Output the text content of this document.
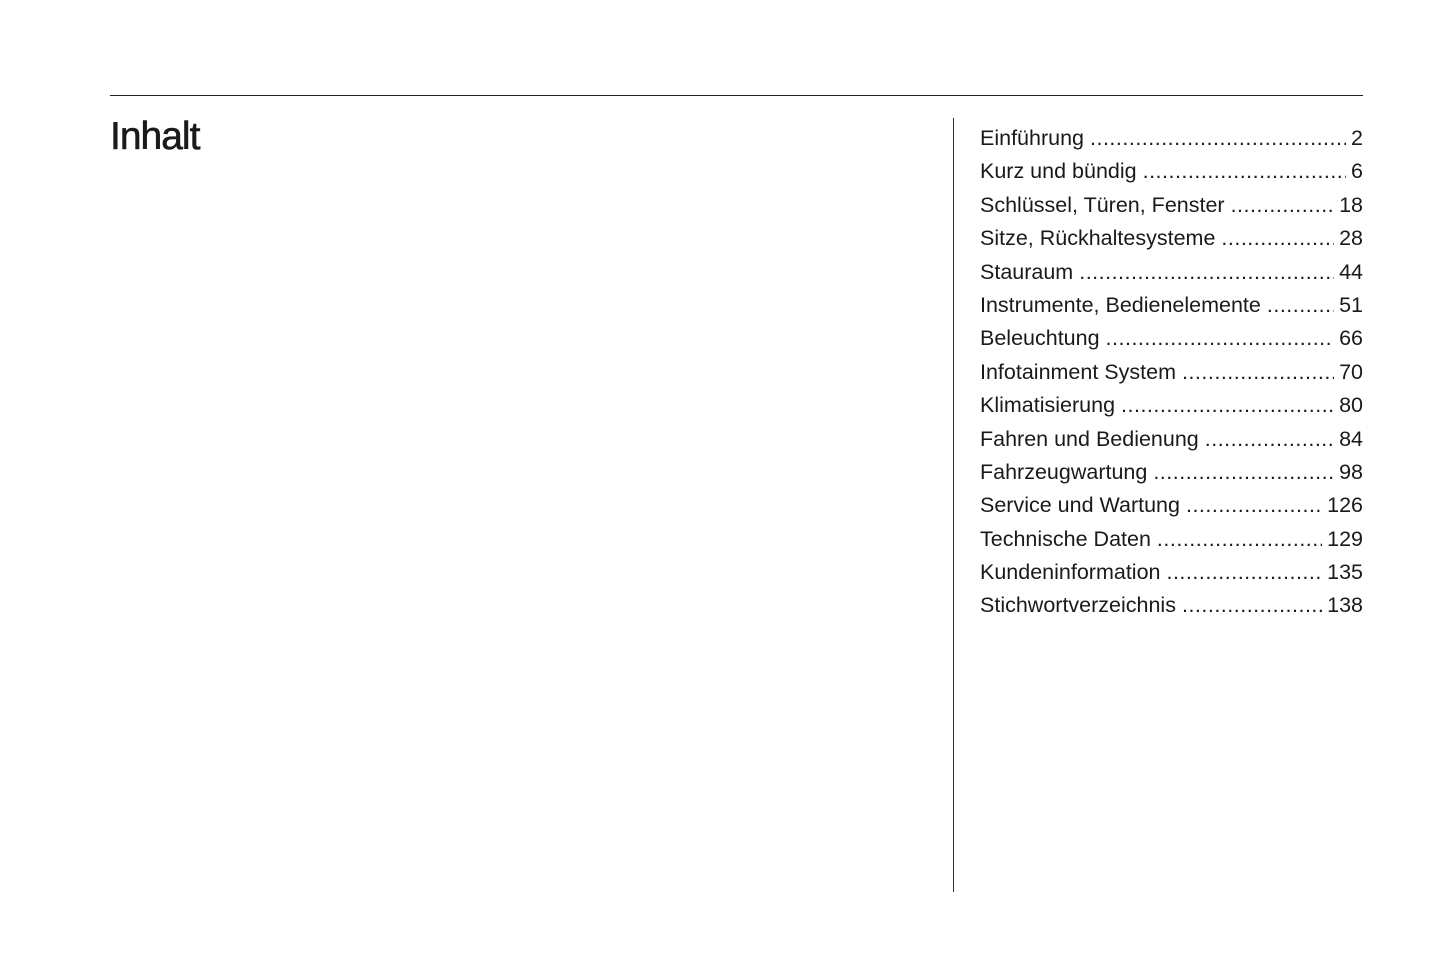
Inhalt	Einführung .....	2
Kurz und bündig .....	6
Schlüssel, Türen, Fenster .....	18
Sitze, Rückhaltesysteme .....	28
Stauraum .....	44
Instrumente, Bedienelemente .....	51
Beleuchtung .....	66
Infotainment System .....	70
Klimatisierung .....	80
Fahren und Bedienung .....	84
Fahrzeugwartung .....	98
Service und Wartung .....	126
Technische Daten .....	129
Kundeninformation .....	135
Stichwortverzeichnis .....	138
